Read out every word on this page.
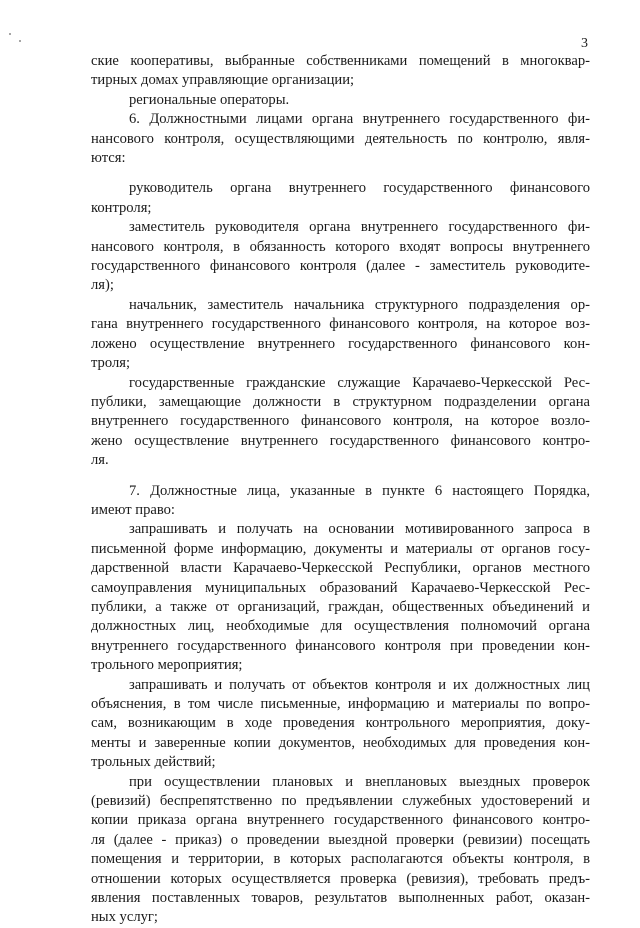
3
ские кооперативы, выбранные собственниками помещений в многоквар-
тирных домах управляющие организации;
региональные операторы.
6. Должностными лицами органа внутреннего государственного фи-
нансового контроля, осуществляющими деятельность по контролю, явля-
ются:
руководитель органа внутреннего государственного финансового
контроля;
заместитель руководителя органа внутреннего государственного фи-
нансового контроля, в обязанность которого входят вопросы внутреннего
государственного финансового контроля (далее - заместитель руководите-
ля);
начальник, заместитель начальника структурного подразделения ор-
гана внутреннего государственного финансового контроля, на которое воз-
ложено осуществление внутреннего государственного финансового кон-
троля;
государственные гражданские служащие Карачаево-Черкесской Рес-
публики, замещающие должности в структурном подразделении органа
внутреннего государственного финансового контроля, на которое возло-
жено осуществление внутреннего государственного финансового контро-
ля.
7. Должностные лица, указанные в пункте 6 настоящего Порядка,
имеют право:
запрашивать и получать на основании мотивированного запроса в
письменной форме информацию, документы и материалы от органов госу-
дарственной власти Карачаево-Черкесской Республики, органов местного
самоуправления муниципальных образований Карачаево-Черкесской Рес-
публики, а также от организаций, граждан, общественных объединений и
должностных лиц, необходимые для осуществления полномочий органа
внутреннего государственного финансового контроля при проведении кон-
трольного мероприятия;
запрашивать и получать от объектов контроля и их должностных лиц
объяснения, в том числе письменные, информацию и материалы по вопро-
сам, возникающим в ходе проведения контрольного мероприятия, доку-
менты и заверенные копии документов, необходимых для проведения кон-
трольных действий;
при осуществлении плановых и внеплановых выездных проверок
(ревизий) беспрепятственно по предъявлении служебных удостоверений и
копии приказа органа внутреннего государственного финансового контро-
ля (далее - приказ) о проведении выездной проверки (ревизии) посещать
помещения и территории, в которых располагаются объекты контроля, в
отношении которых осуществляется проверка (ревизия), требовать предъ-
явления поставленных товаров, результатов выполненных работ, оказан-
ных услуг;
